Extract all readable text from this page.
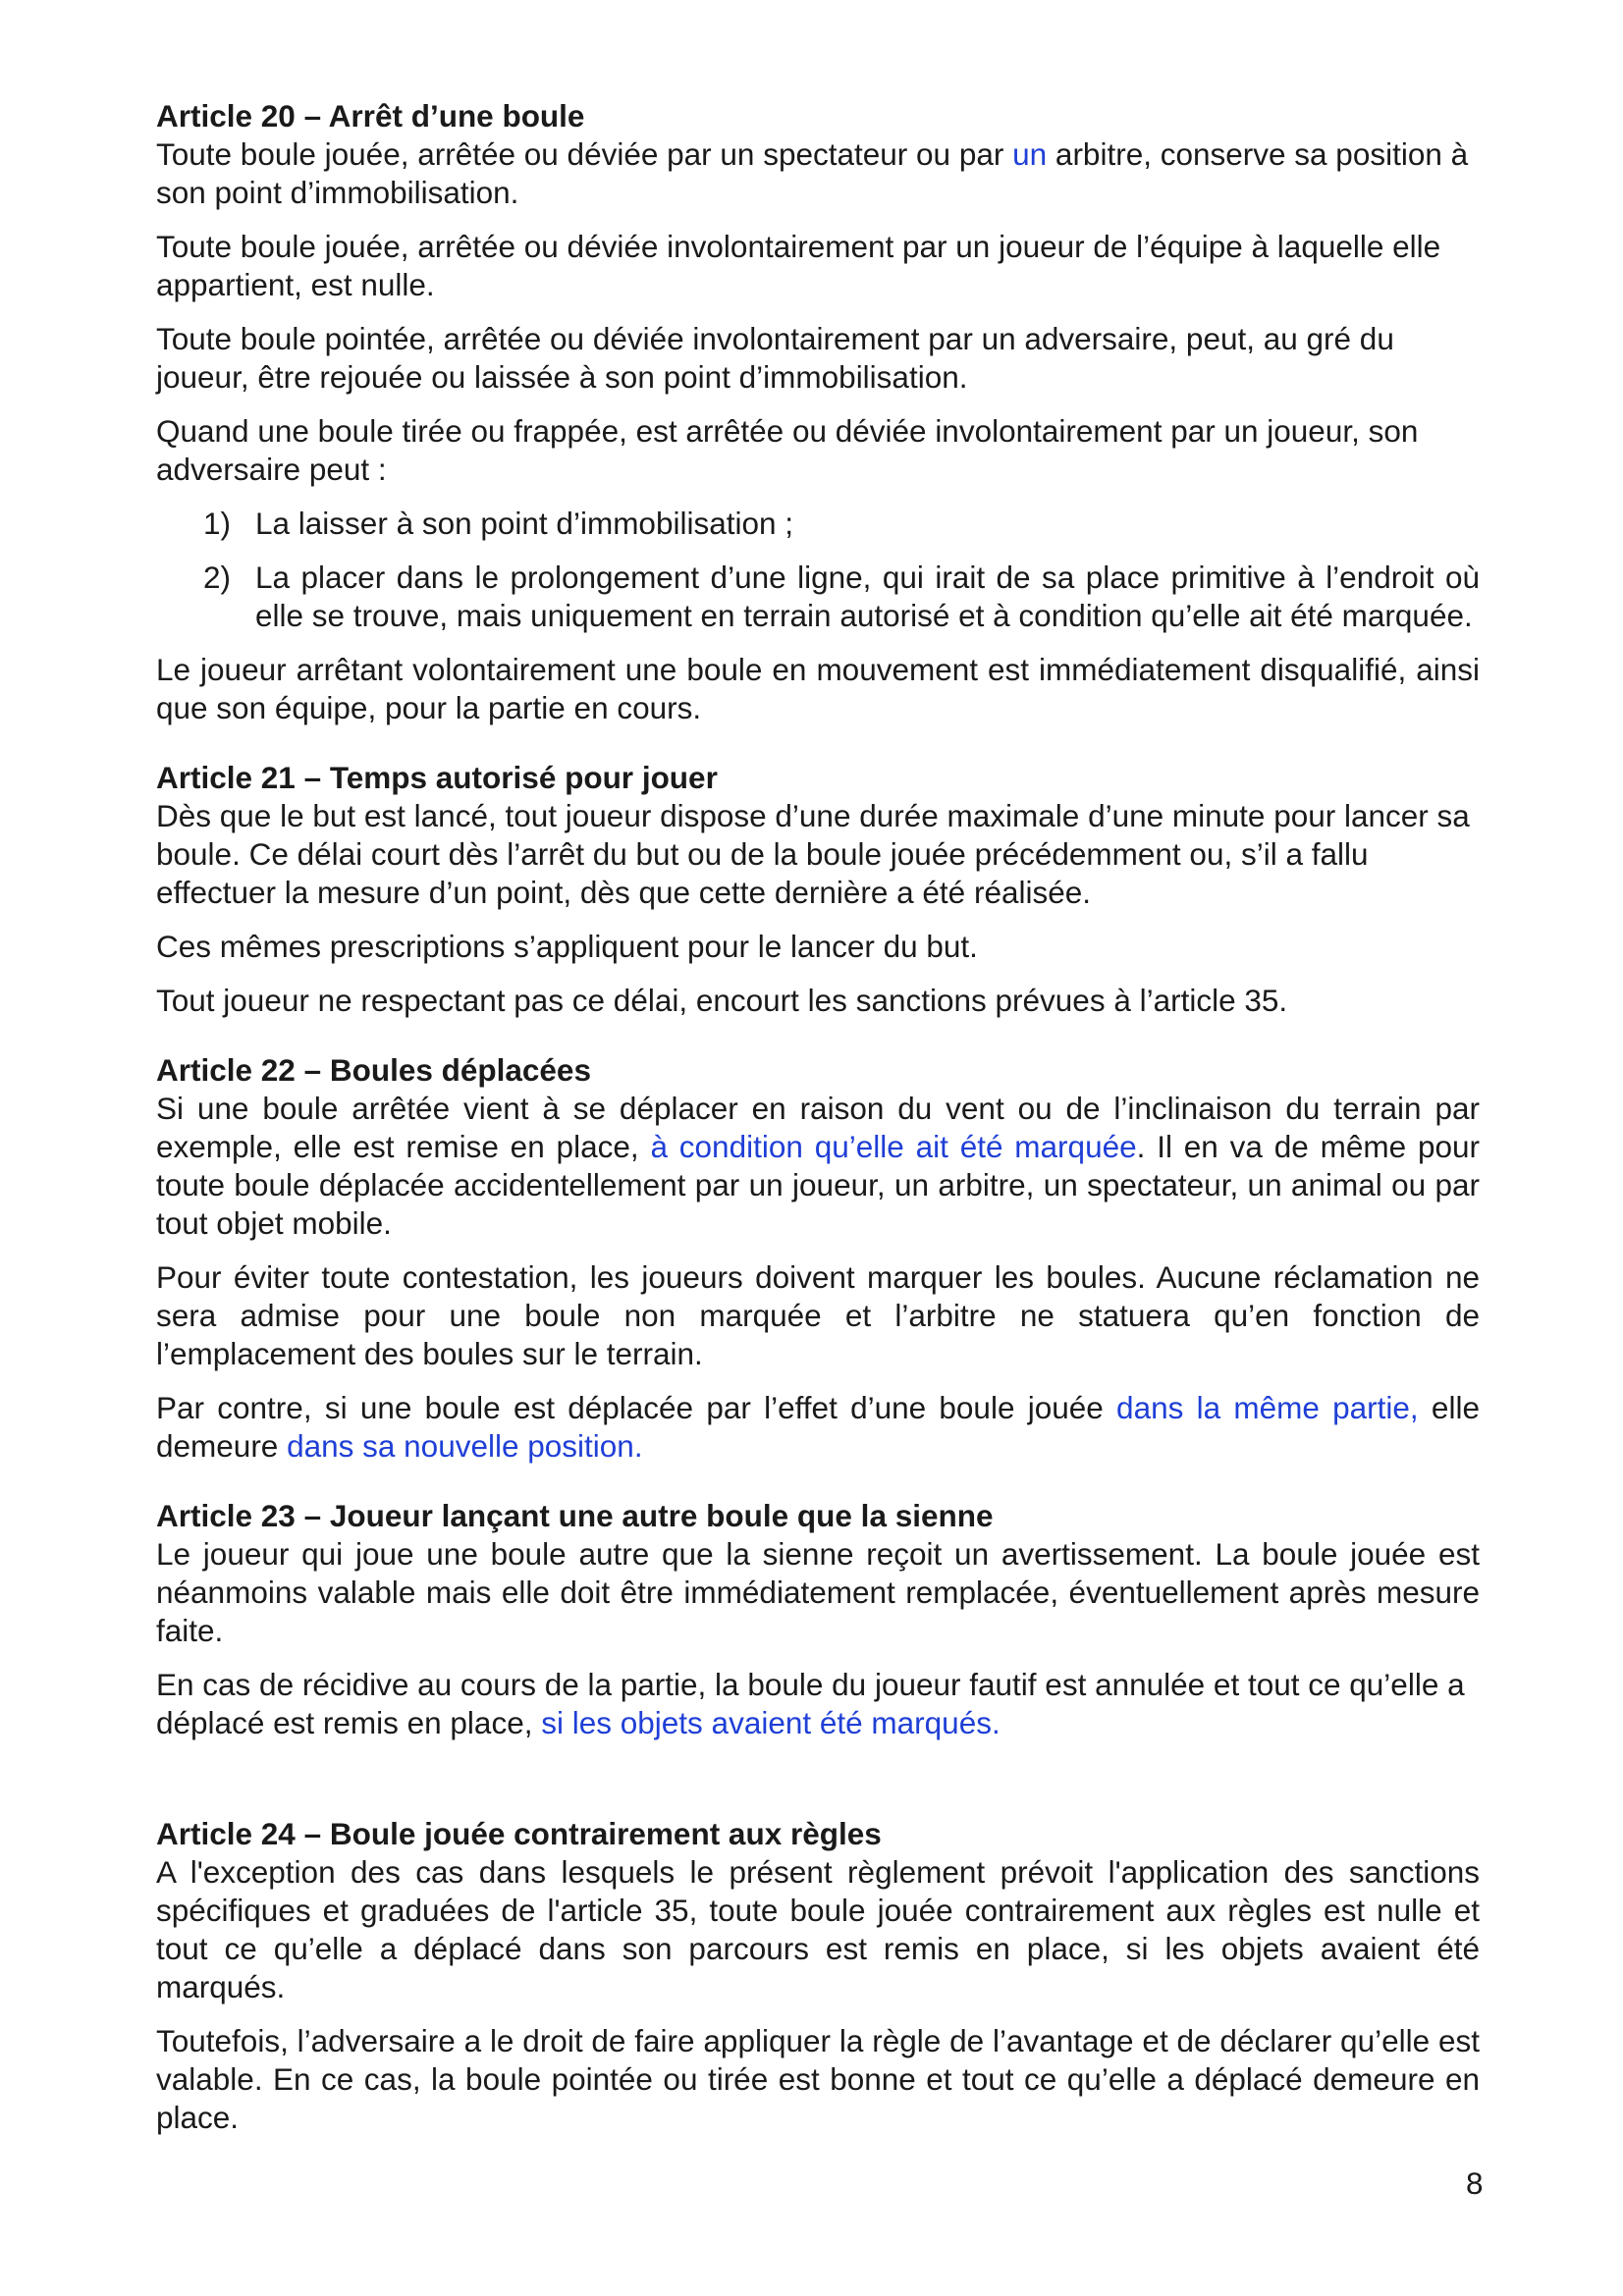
Article 20 – Arrêt d’une boule

Toute boule jouée, arrêtée ou déviée par un spectateur ou par un arbitre, conserve sa position à son point d’immobilisation.

Toute boule jouée, arrêtée ou déviée involontairement par un joueur de l’équipe à laquelle elle appartient, est nulle.

Toute boule pointée, arrêtée ou déviée involontairement par un adversaire, peut, au gré du joueur, être rejouée ou laissée à son point d’immobilisation.

Quand une boule tirée ou frappée, est arrêtée ou déviée involontairement par un joueur, son adversaire peut :

1) La laisser à son point d’immobilisation ;
2) La placer dans le prolongement d’une ligne, qui irait de sa place primitive à l’endroit où elle se trouve, mais uniquement en terrain autorisé et à condition qu’elle ait été marquée.

Le joueur arrêtant volontairement une boule en mouvement est immédiatement disqualifié, ainsi que son équipe, pour la partie en cours.

Article 21 – Temps autorisé pour jouer

Dès que le but est lancé, tout joueur dispose d’une durée maximale d’une minute pour lancer sa boule. Ce délai court dès l’arrêt du but ou de la boule jouée précédemment ou, s’il a fallu effectuer la mesure d’un point, dès que cette dernière a été réalisée.

Ces mêmes prescriptions s’appliquent pour le lancer du but.

Tout joueur ne respectant pas ce délai, encourt les sanctions prévues à l’article 35.

Article 22 – Boules déplacées

Si une boule arrêtée vient à se déplacer en raison du vent ou de l’inclinaison du terrain par exemple, elle est remise en place, à condition qu’elle ait été marquée. Il en va de même pour toute boule déplacée accidentellement par un joueur, un arbitre, un spectateur, un animal ou par tout objet mobile.

Pour éviter toute contestation, les joueurs doivent marquer les boules. Aucune réclamation ne sera admise pour une boule non marquée et l’arbitre ne statuera qu’en fonction de l’emplacement des boules sur le terrain.

Par contre, si une boule est déplacée par l’effet d’une boule jouée dans la même partie, elle demeure dans sa nouvelle position.

Article 23 – Joueur lançant une autre boule que la sienne

Le joueur qui joue une boule autre que la sienne reçoit un avertissement. La boule jouée est néanmoins valable mais elle doit être immédiatement remplacée, éventuellement après mesure faite.

En cas de récidive au cours de la partie, la boule du joueur fautif est annulée et tout ce qu’elle a déplacé est remis en place, si les objets avaient été marqués.

Article 24 – Boule jouée contrairement aux règles

A l'exception des cas dans lesquels le présent règlement prévoit l'application des sanctions spécifiques et graduées de l'article 35, toute boule jouée contrairement aux règles est nulle et tout ce qu’elle a déplacé dans son parcours est remis en place, si les objets avaient été marqués.

Toutefois, l’adversaire a le droit de faire appliquer la règle de l’avantage et de déclarer qu’elle est valable. En ce cas, la boule pointée ou tirée est bonne et tout ce qu’elle a déplacé demeure en place.

8
